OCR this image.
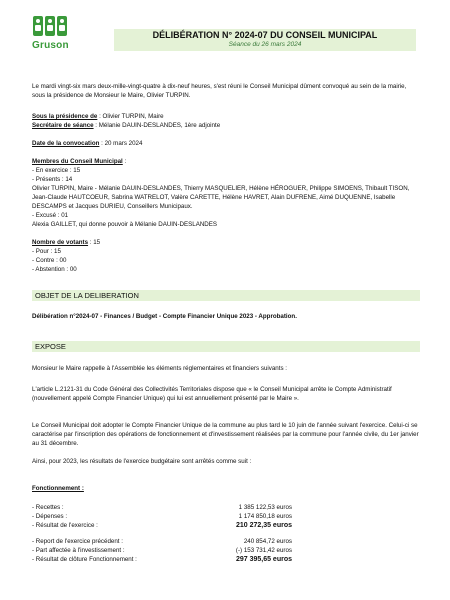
Gruson
DÉLIBÉRATION N° 2024-07 DU CONSEIL MUNICIPAL
Séance du 26 mars 2024

Le mardi vingt-six mars deux-mille-vingt-quatre à dix-neuf heures, s'est réuni le Conseil Municipal dûment convoqué au sein de la mairie, sous la présidence de Monsieur le Maire, Olivier TURPIN.

Sous la présidence de : Olivier TURPIN, Maire

Secrétaire de séance : Mélanie DAUIN-DESLANDES, 1ère adjointe

Date de la convocation : 20 mars 2024

Membres du Conseil Municipal :

- En exercice : 15

- Présents : 14

Olivier TURPIN, Maire - Mélanie DAUIN-DESLANDES, Thierry MASQUELIER, Hélène HÉROGUER, Philippe SIMOENS, Thibault TISON, Jean-Claude HAUTCOEUR, Sabrina WATRELOT, Valère CARETTE, Hélène HAVRET, Alain DUFRENE, Aimé DUQUENNE, Isabelle DESCAMPS et Jacques DURIEU, Conseillers Municipaux.

- Excusé : 01

Alexia GAILLET, qui donne pouvoir à Mélanie DAUIN-DESLANDES

Nombre de votants : 15

- Pour : 15

- Contre : 00

- Abstention : 00

OBJET DE LA DELIBERATION

Délibération n°2024-07 - Finances / Budget - Compte Financier Unique 2023 - Approbation.

EXPOSE

Monsieur le Maire rappelle à l'Assemblée les éléments réglementaires et financiers suivants :

L'article L.2121-31 du Code Général des Collectivités Territoriales dispose que « le Conseil Municipal arrête le Compte Administratif (nouvellement appelé Compte Financier Unique) qui lui est annuellement présenté par le Maire ».

Le Conseil Municipal doit adopter le Compte Financier Unique de la commune au plus tard le 10 juin de l'année suivant l'exercice. Celui-ci se caractérise par l'inscription des opérations de fonctionnement et d'investissement réalisées par la commune pour l'année civile, du 1er janvier au 31 décembre.

Ainsi, pour 2023, les résultats de l'exercice budgétaire sont arrêtés comme suit :

Fonctionnement :

- Recettes :	1 385 122,53 euros
- Dépenses :	1 174 850,18 euros
- Résultat de l'exercice :	210 272,35 euros
- Report de l'exercice précédent :	240 854,72 euros
- Part affectée à l'investissement :	(-) 153 731,42 euros
- Résultat de clôture Fonctionnement :	297 395,65 euros
